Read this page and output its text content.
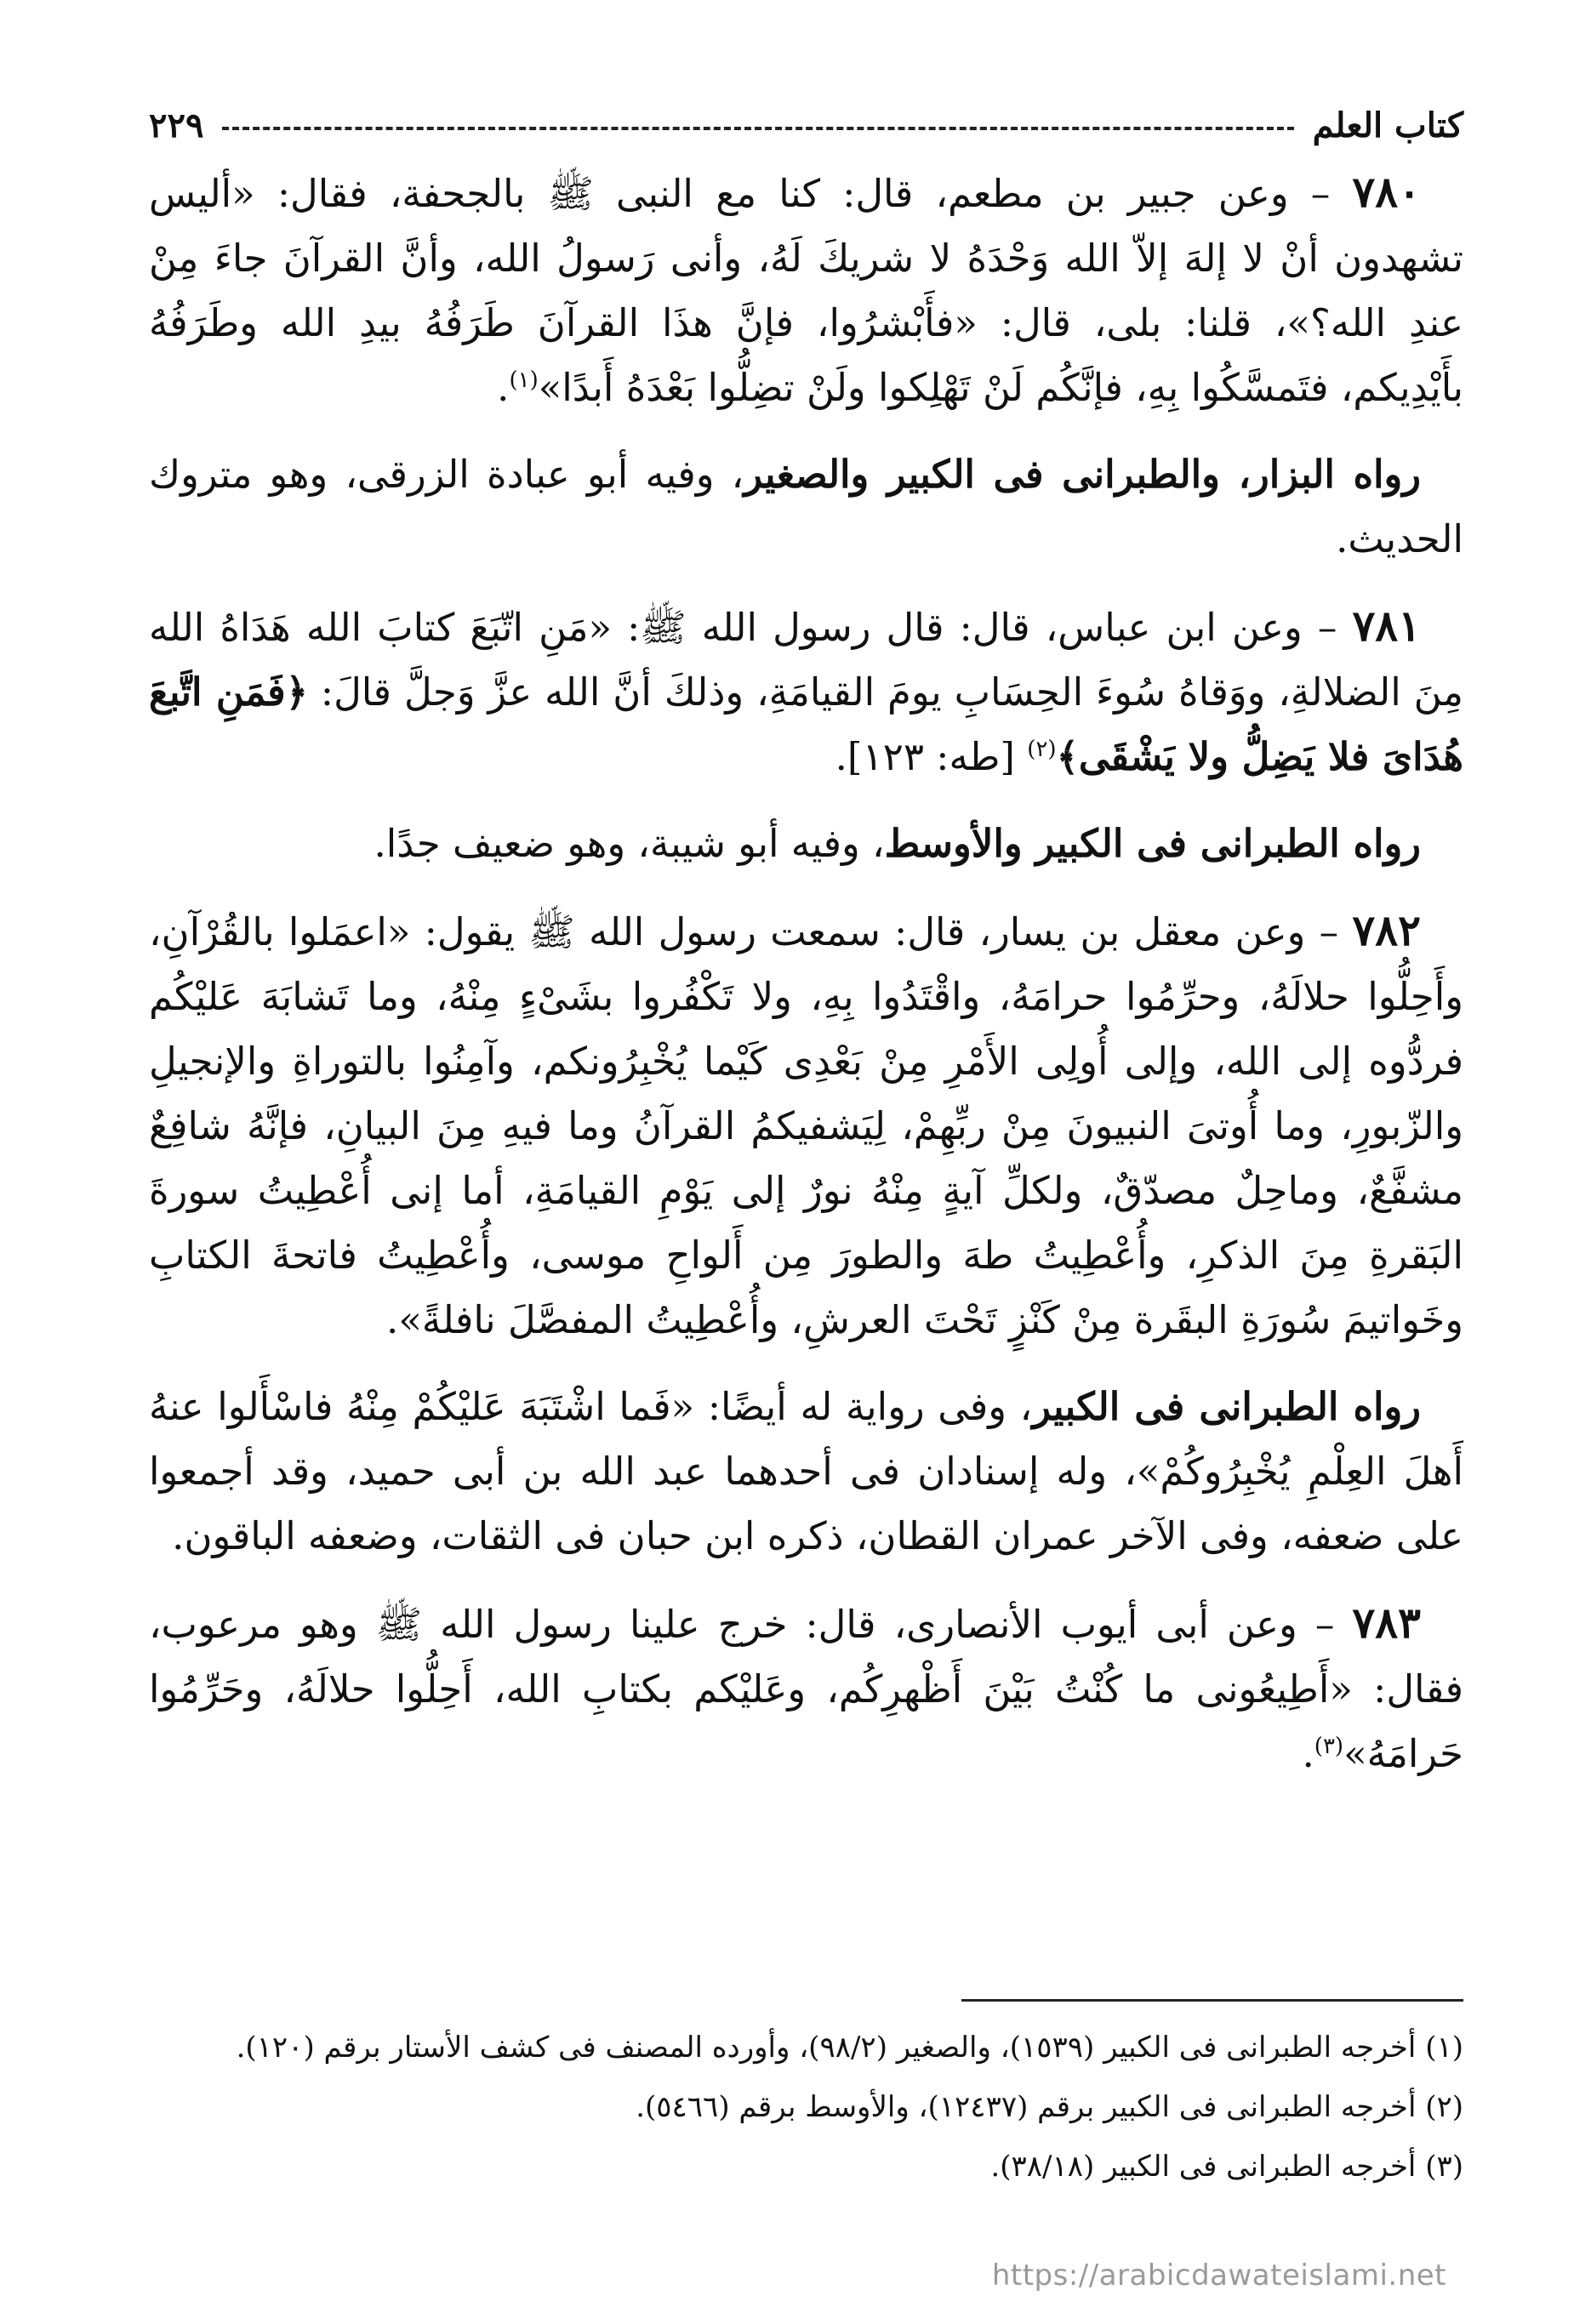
كتاب العلم
٢٢٩

٧٨٠ – وعن جبير بن مطعم، قال: كنا مع النبى ﷺ بالجحفة، فقال: «أليس تشهدون أنْ لا إلهَ إلاّ الله وَحْدَهُ لا شريكَ لَهُ، وأنى رَسولُ الله، وأنَّ القرآنَ جاءَ مِنْ عندِ الله؟»، قلنا: بلى، قال: «فأَبْشرُوا، فإنَّ هذَا القرآنَ طَرَفُهُ بيدِ الله وطَرَفُهُ بأَيْدِيكم، فتَمسَّكُوا بِهِ، فإنَّكُم لَنْ تَهْلِكوا ولَنْ تضِلُّوا بَعْدَهُ أَبدًا»$^{(١)}$.

رواه البزار، والطبرانى فى الكبير والصغير، وفيه أبو عبادة الزرقى، وهو متروك الحديث.

٧٨١ – وعن ابن عباس، قال: قال رسول الله ﷺ: «مَنِ اتّبَعَ كتابَ الله هَدَاهُ الله مِنَ الضلالةِ، ووَقاهُ سُوءَ الحِسَابِ يومَ القيامَةِ، وذلكَ أنَّ الله عزَّ وَجلَّ قالَ: ﴿فَمَنِ اتَّبعَ هُدَاىَ فلا يَضِلُّ ولا يَشْقَى﴾$^{(٢)}$ [طه: ١٢٣].

رواه الطبرانى فى الكبير والأوسط، وفيه أبو شيبة، وهو ضعيف جدًا.

٧٨٢ – وعن معقل بن يسار، قال: سمعت رسول الله ﷺ يقول: «اعمَلوا بالقُرْآنِ، وأَحِلُّوا حلالَهُ، وحرِّمُوا حرامَهُ، واقْتَدُوا بِهِ، ولا تَكْفُروا بشَىْءٍ مِنْهُ، وما تَشابَهَ عَليْكُم فردُّوه إلى الله، وإلى أُولِى الأَمْرِ مِنْ بَعْدِى كَيْما يُخْبِرُونكم، وآمِنُوا بالتوراةِ والإنجيلِ والزّبورِ، وما أُوتىَ النبيونَ مِنْ ربِّهِمْ، لِيَشفيكمُ القرآنُ وما فيهِ مِنَ البيانِ، فإنَّهُ شافِعٌ مشفَّعٌ، وماحِلٌ مصدّقٌ، ولكلِّ آيةٍ مِنْهُ نورٌ إلى يَوْمِ القيامَةِ، أما إنى أُعْطِيتُ سورةَ البَقرةِ مِنَ الذكرِ، وأُعْطِيتُ طهَ والطورَ مِن أَلواحِ موسى، وأُعْطِيتُ فاتحةَ الكتابِ وخَواتيمَ سُورَةِ البقَرة مِنْ كَنْزٍ تَحْتَ العرشِ، وأُعْطِيتُ المفصَّلَ نافلةً».

رواه الطبرانى فى الكبير، وفى رواية له أيضًا: «فَما اشْتَبَهَ عَليْكُمْ مِنْهُ فاسْأَلوا عنهُ أَهلَ العِلْمِ يُخْبِرُوكُمْ»، وله إسنادان فى أحدهما عبد الله بن أبى حميد، وقد أجمعوا على ضعفه، وفى الآخر عمران القطان، ذكره ابن حبان فى الثقات، وضعفه الباقون.

٧٨٣ – وعن أبى أيوب الأنصارى، قال: خرج علينا رسول الله ﷺ وهو مرعوب، فقال: «أَطِيعُونى ما كُنْتُ بَيْنَ أَظْهرِكُم، وعَليْكم بكتابِ الله، أَحِلُّوا حلالَهُ، وحَرِّمُوا حَرامَهُ»$^{(٣)}$.

(١) أخرجه الطبرانى فى الكبير (١٥٣٩)، والصغير (٩٨/٢)، وأورده المصنف فى كشف الأستار برقم (١٢٠).

(٢) أخرجه الطبرانى فى الكبير برقم (١٢٤٣٧)، والأوسط برقم (٥٤٦٦).

(٣) أخرجه الطبرانى فى الكبير (٣٨/١٨).

https://arabicdawateislami.net
